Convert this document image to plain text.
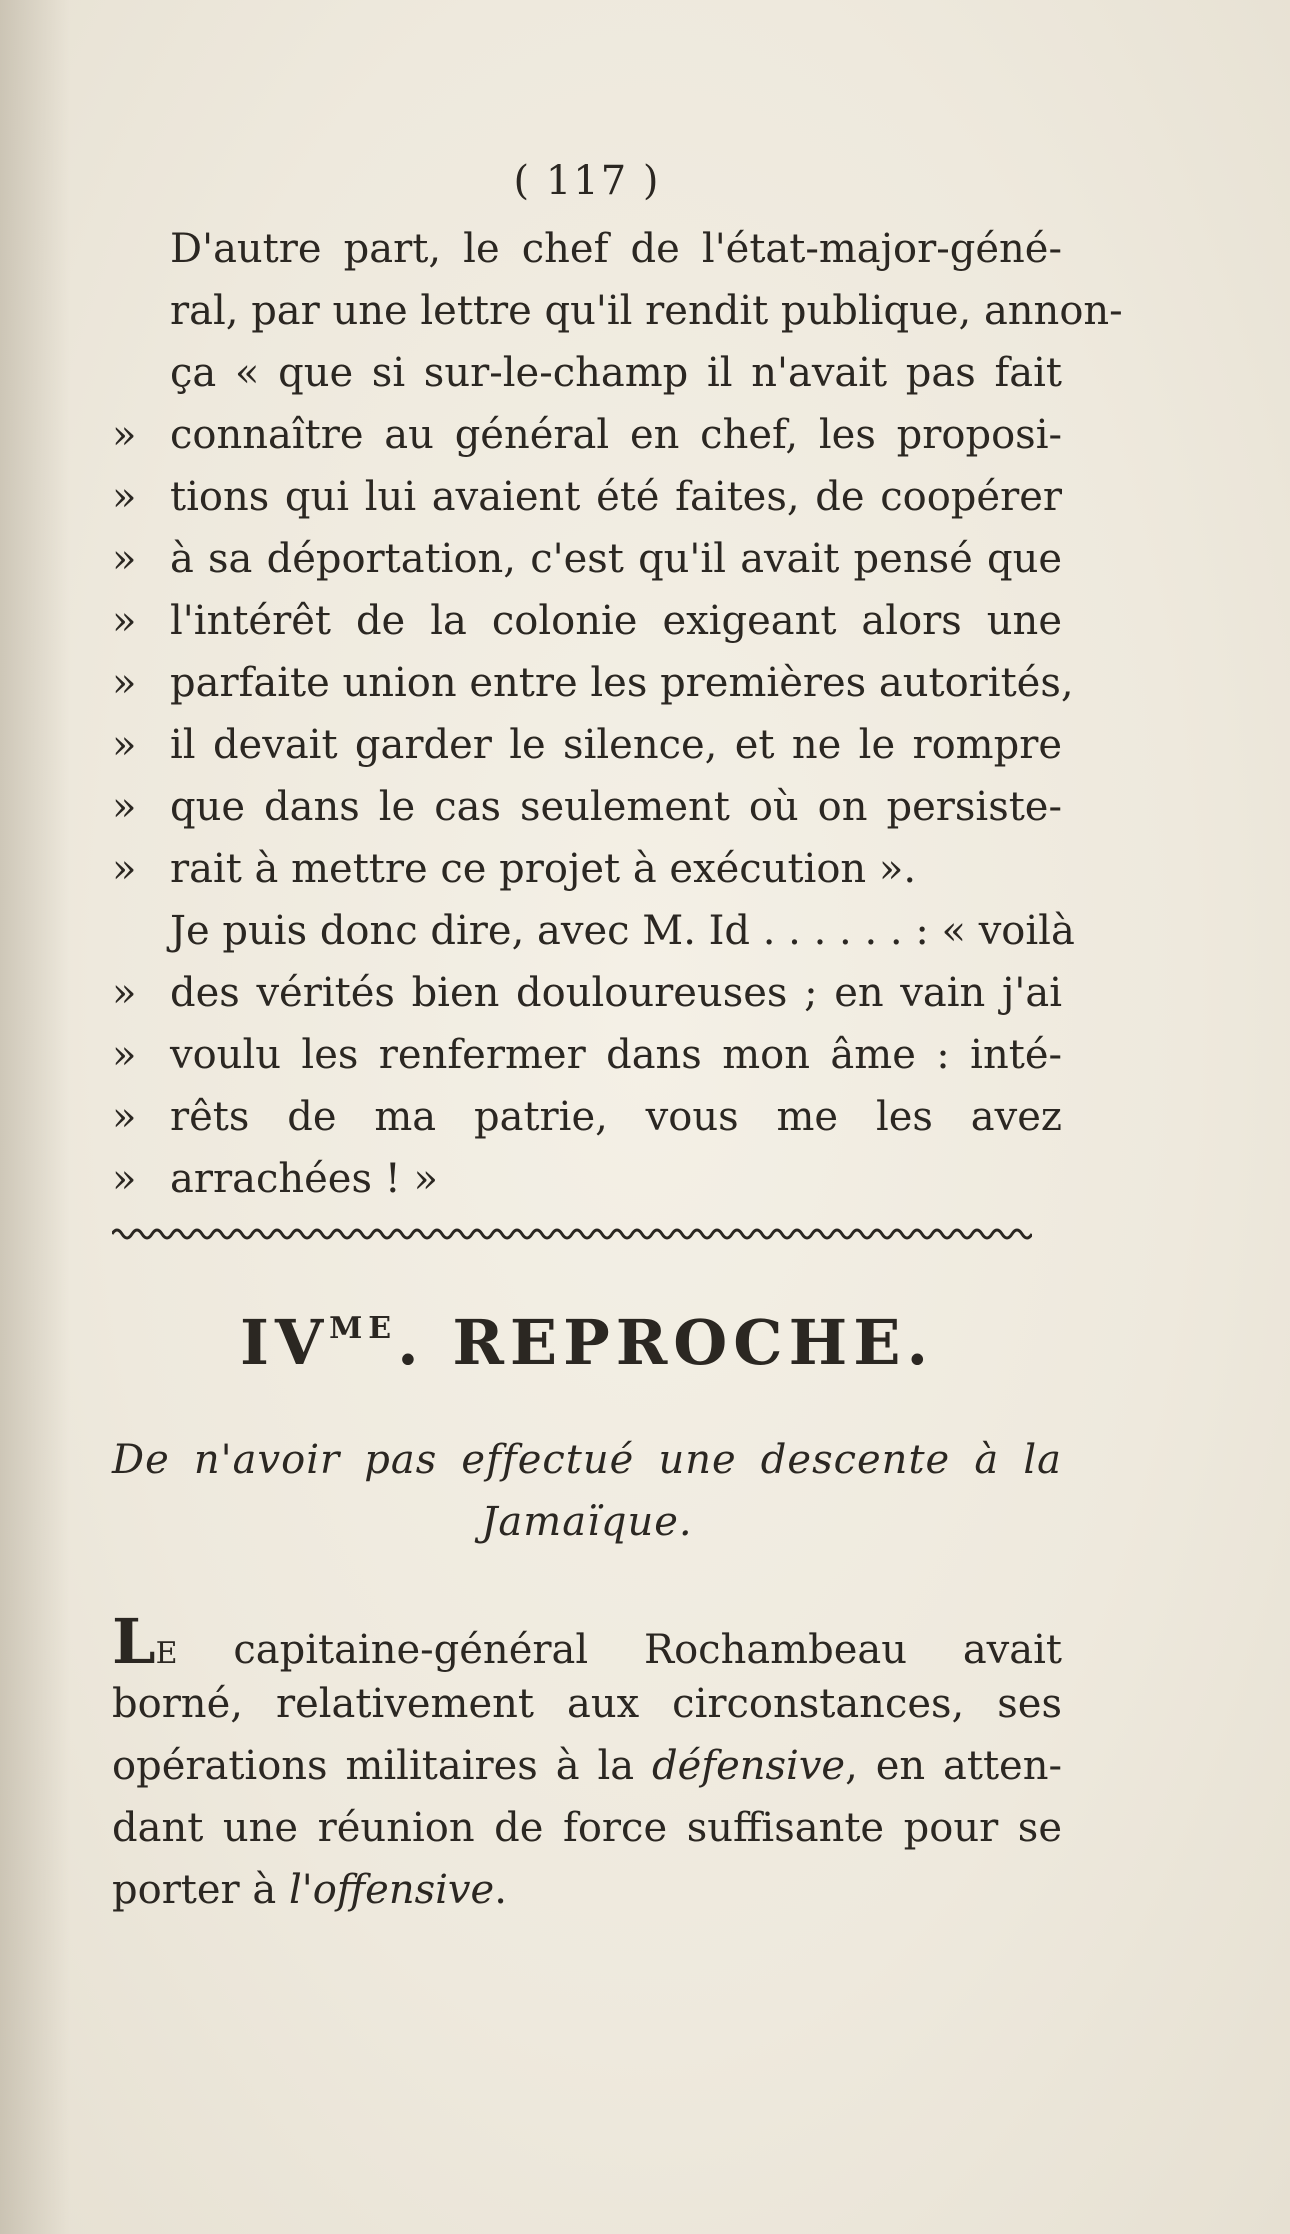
( 117 )
D'autre part, le chef de l'état-major-géné-
ral, par une lettre qu'il rendit publique, annon-
ça « que si sur-le-champ il n'avait pas fait
» connaître au général en chef, les proposi-
» tions qui lui avaient été faites, de coopérer
» à sa déportation, c'est qu'il avait pensé que
» l'intérêt de la colonie exigeant alors une
» parfaite union entre les premières autorités,
» il devait garder le silence, et ne le rompre
» que dans le cas seulement où on persiste-
» rait à mettre ce projet à exécution ».
Je puis donc dire, avec M. Id . . . . . . : « voilà
» des vérités bien douloureuses ; en vain j'ai
» voulu les renfermer dans mon âme : inté-
» rêts de ma patrie, vous me les avez
» arrachées ! »
$IV^{ME}$. REPROCHE.
De n'avoir pas effectué une descente à la
Jamaïque.
LE capitaine-général Rochambeau avait
borné, relativement aux circonstances, ses
opérations militaires à la défensive, en atten-
dant une réunion de force suffisante pour se
porter à l'offensive.
